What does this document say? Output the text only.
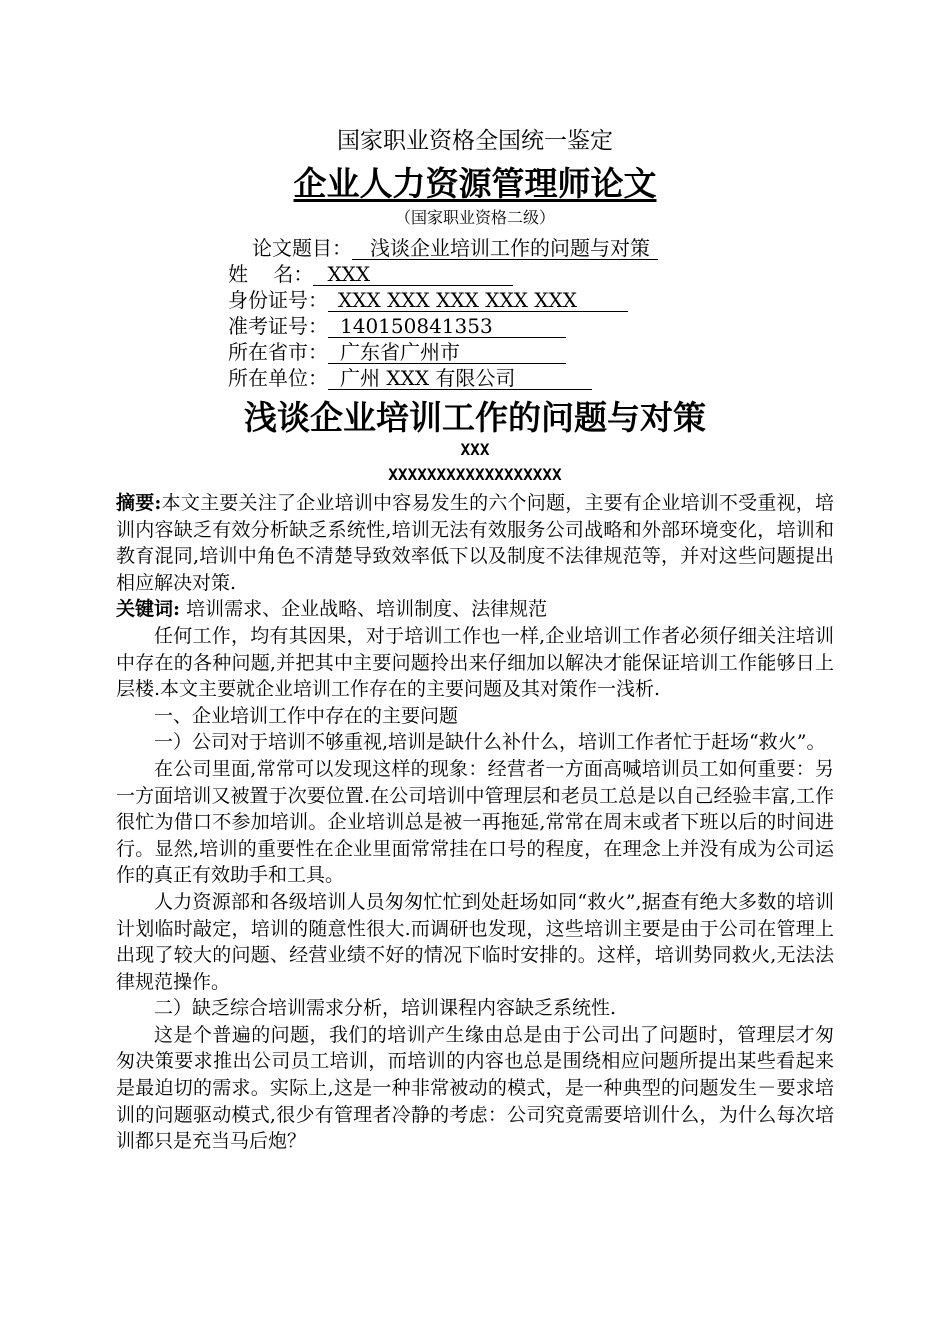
国家职业资格全国统一鉴定
企业人力资源管理师论文
（国家职业资格二级）
论文题目： 浅谈企业培训工作的问题与对策
姓    名： XXX
身份证号： XXX XXX XXX XXX XXX
准考证号： 140150841353
所在省市： 广东省广州市
所在单位： 广州 XXX 有限公司
浅谈企业培训工作的问题与对策
XXX
XXXXXXXXXXXXXXXXXX

摘要:本文主要关注了企业培训中容易发生的六个问题，主要有企业培训不受重视，培训内容缺乏有效分析缺乏系统性,培训无法有效服务公司战略和外部环境变化，培训和教育混同,培训中角色不清楚导致效率低下以及制度不法律规范等，并对这些问题提出相应解决对策.

关键词: 培训需求、企业战略、培训制度、法律规范

任何工作，均有其因果，对于培训工作也一样,企业培训工作者必须仔细关注培训中存在的各种问题,并把其中主要问题拎出来仔细加以解决才能保证培训工作能够日上层楼.本文主要就企业培训工作存在的主要问题及其对策作一浅析.

一、企业培训工作中存在的主要问题

一）公司对于培训不够重视,培训是缺什么补什么，培训工作者忙于赶场“救火”。

在公司里面,常常可以发现这样的现象：经营者一方面高喊培训员工如何重要：另一方面培训又被置于次要位置.在公司培训中管理层和老员工总是以自己经验丰富,工作很忙为借口不参加培训。企业培训总是被一再拖延,常常在周末或者下班以后的时间进行。显然,培训的重要性在企业里面常常挂在口号的程度，在理念上并没有成为公司运作的真正有效助手和工具。

人力资源部和各级培训人员匆匆忙忙到处赶场如同“救火”,据查有绝大多数的培训计划临时敲定，培训的随意性很大.而调研也发现，这些培训主要是由于公司在管理上出现了较大的问题、经营业绩不好的情况下临时安排的。这样，培训势同救火,无法法律规范操作。

二）缺乏综合培训需求分析，培训课程内容缺乏系统性.

这是个普遍的问题，我们的培训产生缘由总是由于公司出了问题时，管理层才匆匆决策要求推出公司员工培训，而培训的内容也总是围绕相应问题所提出某些看起来是最迫切的需求。实际上,这是一种非常被动的模式，是一种典型的问题发生－要求培训的问题驱动模式,很少有管理者冷静的考虑：公司究竟需要培训什么，为什么每次培训都只是充当马后炮？
